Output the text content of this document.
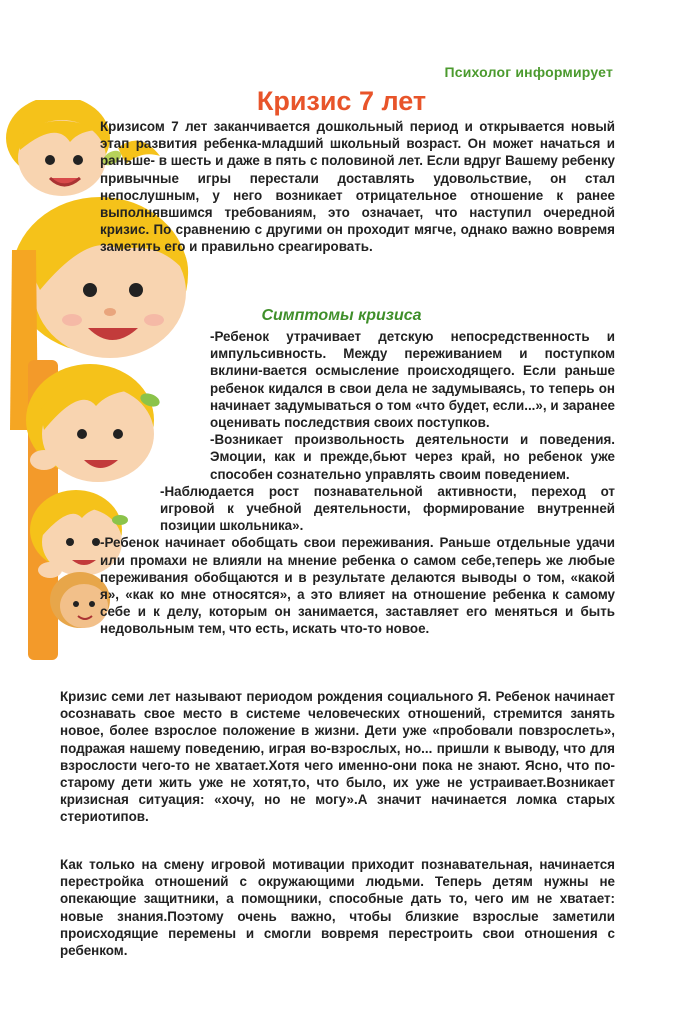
Психолог информирует
Кризис 7 лет

Кризисом 7 лет заканчивается дошкольный период и открывается новый этап развития ребенка-младший школьный возраст. Он может начаться и раньше- в шесть и даже в пять с половиной лет. Если вдруг Вашему ребенку привычные игры перестали доставлять удовольствие, он стал непослушным, у него возникает отрицательное отношение к ранее выполнявшимся требованиям, это означает, что наступил очередной кризис. По сравнению с другими он проходит мягче, однако важно вовремя заметить его и правильно среагировать.

Симптомы кризиса

-Ребенок утрачивает детскую непосредственность и импульсивность. Между переживанием и поступком вклини-вается осмысление происходящего. Если раньше ребенок кидался в свои дела не задумываясь, то теперь он начинает задумываться о том «что будет, если...», и заранее оценивать последствия своих поступков.

-Возникает произвольность деятельности и поведения. Эмоции, как и прежде,бьют через край, но ребенок уже способен сознательно управлять своим поведением.

-Наблюдается рост познавательной активности, переход от игровой к учебной деятельности, формирование внутренней позиции школьника».

-Ребенок начинает обобщать свои переживания. Раньше отдельные удачи или промахи не влияли на мнение ребенка о самом себе,теперь же любые переживания обобщаются и в результате делаются выводы о том, «какой я», «как ко мне относятся», а это влияет на отношение ребенка к самому себе и к делу, которым он занимается, заставляет его меняться и быть недовольным тем, что есть, искать что-то новое.

Кризис семи лет называют периодом рождения социального Я. Ребенок начинает осознавать свое место в системе человеческих отношений, стремится занять новое, более взрослое положение в жизни. Дети уже «пробовали повзрослеть», подражая нашему поведению, играя во-взрослых, но... пришли к выводу, что для взрослости чего-то не хватает.Хотя чего именно-они пока не знают. Ясно, что по-старому дети жить уже не хотят,то, что было, их уже не устраивает.Возникает кризисная ситуация: «хочу, но не могу».А значит начинается ломка старых стериотипов.

Как только на смену игровой мотивации приходит познавательная, начинается перестройка отношений с окружающими людьми. Теперь детям нужны не опекающие защитники, а помощники, способные дать то, чего им не хватает: новые знания.Поэтому очень важно, чтобы близкие взрослые заметили происходящие перемены и смогли вовремя перестроить свои отношения с ребенком.
